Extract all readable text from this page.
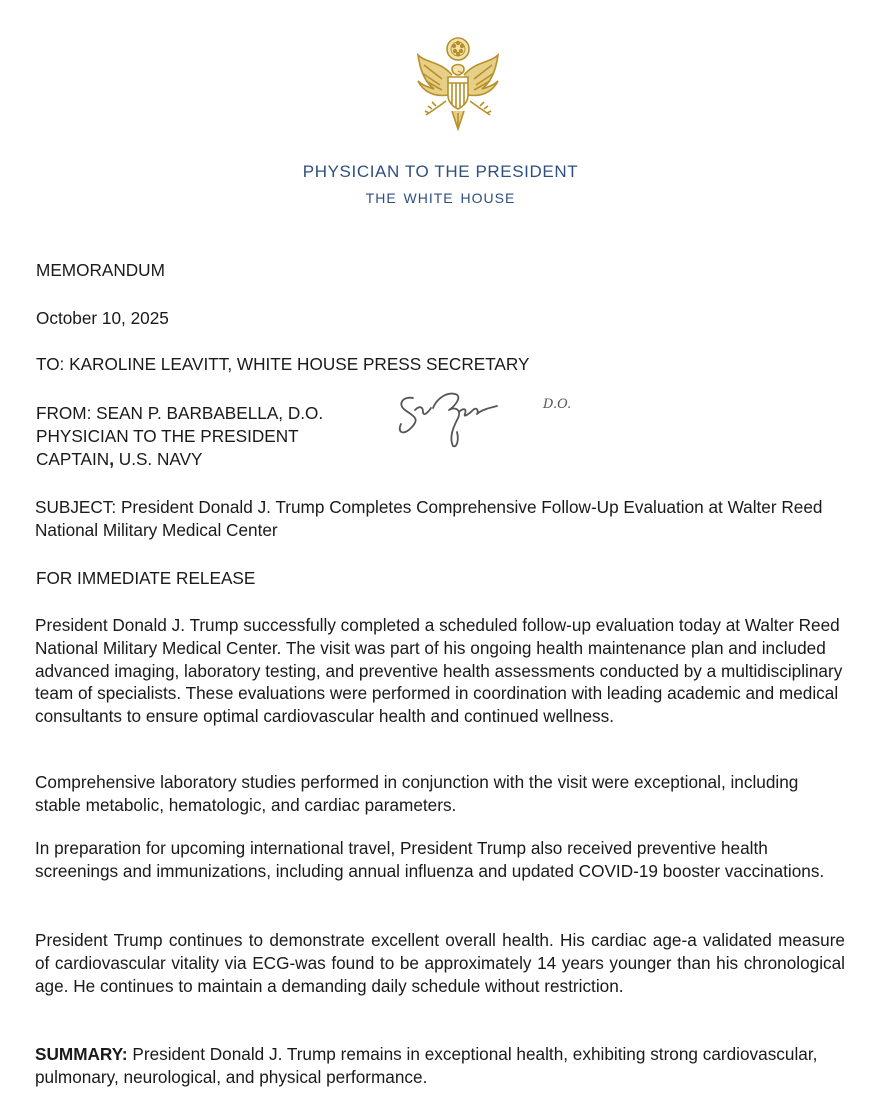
PHYSICIAN TO THE PRESIDENT
THE WHITE HOUSE
MEMORANDUM
October 10, 2025
TO: KAROLINE LEAVITT, WHITE HOUSE PRESS SECRETARY
FROM: SEAN P. BARBABELLA, D.O.
PHYSICIAN TO THE PRESIDENT
CAPTAIN, U.S. NAVY
D.O.
SUBJECT: President Donald J. Trump Completes Comprehensive Follow-Up Evaluation at Walter Reed National Military Medical Center
FOR IMMEDIATE RELEASE
President Donald J. Trump successfully completed a scheduled follow-up evaluation today at Walter Reed National Military Medical Center. The visit was part of his ongoing health maintenance plan and included advanced imaging, laboratory testing, and preventive health assessments conducted by a multidisciplinary team of specialists. These evaluations were performed in coordination with leading academic and medical consultants to ensure optimal cardiovascular health and continued wellness.
Comprehensive laboratory studies performed in conjunction with the visit were exceptional, including stable metabolic, hematologic, and cardiac parameters.
In preparation for upcoming international travel, President Trump also received preventive health screenings and immunizations, including annual influenza and updated COVID-19 booster vaccinations.
President Trump continues to demonstrate excellent overall health. His cardiac age-a validated measure of cardiovascular vitality via ECG-was found to be approximately 14 years younger than his chronological age. He continues to maintain a demanding daily schedule without restriction.
SUMMARY: President Donald J. Trump remains in exceptional health, exhibiting strong cardiovascular, pulmonary, neurological, and physical performance.
